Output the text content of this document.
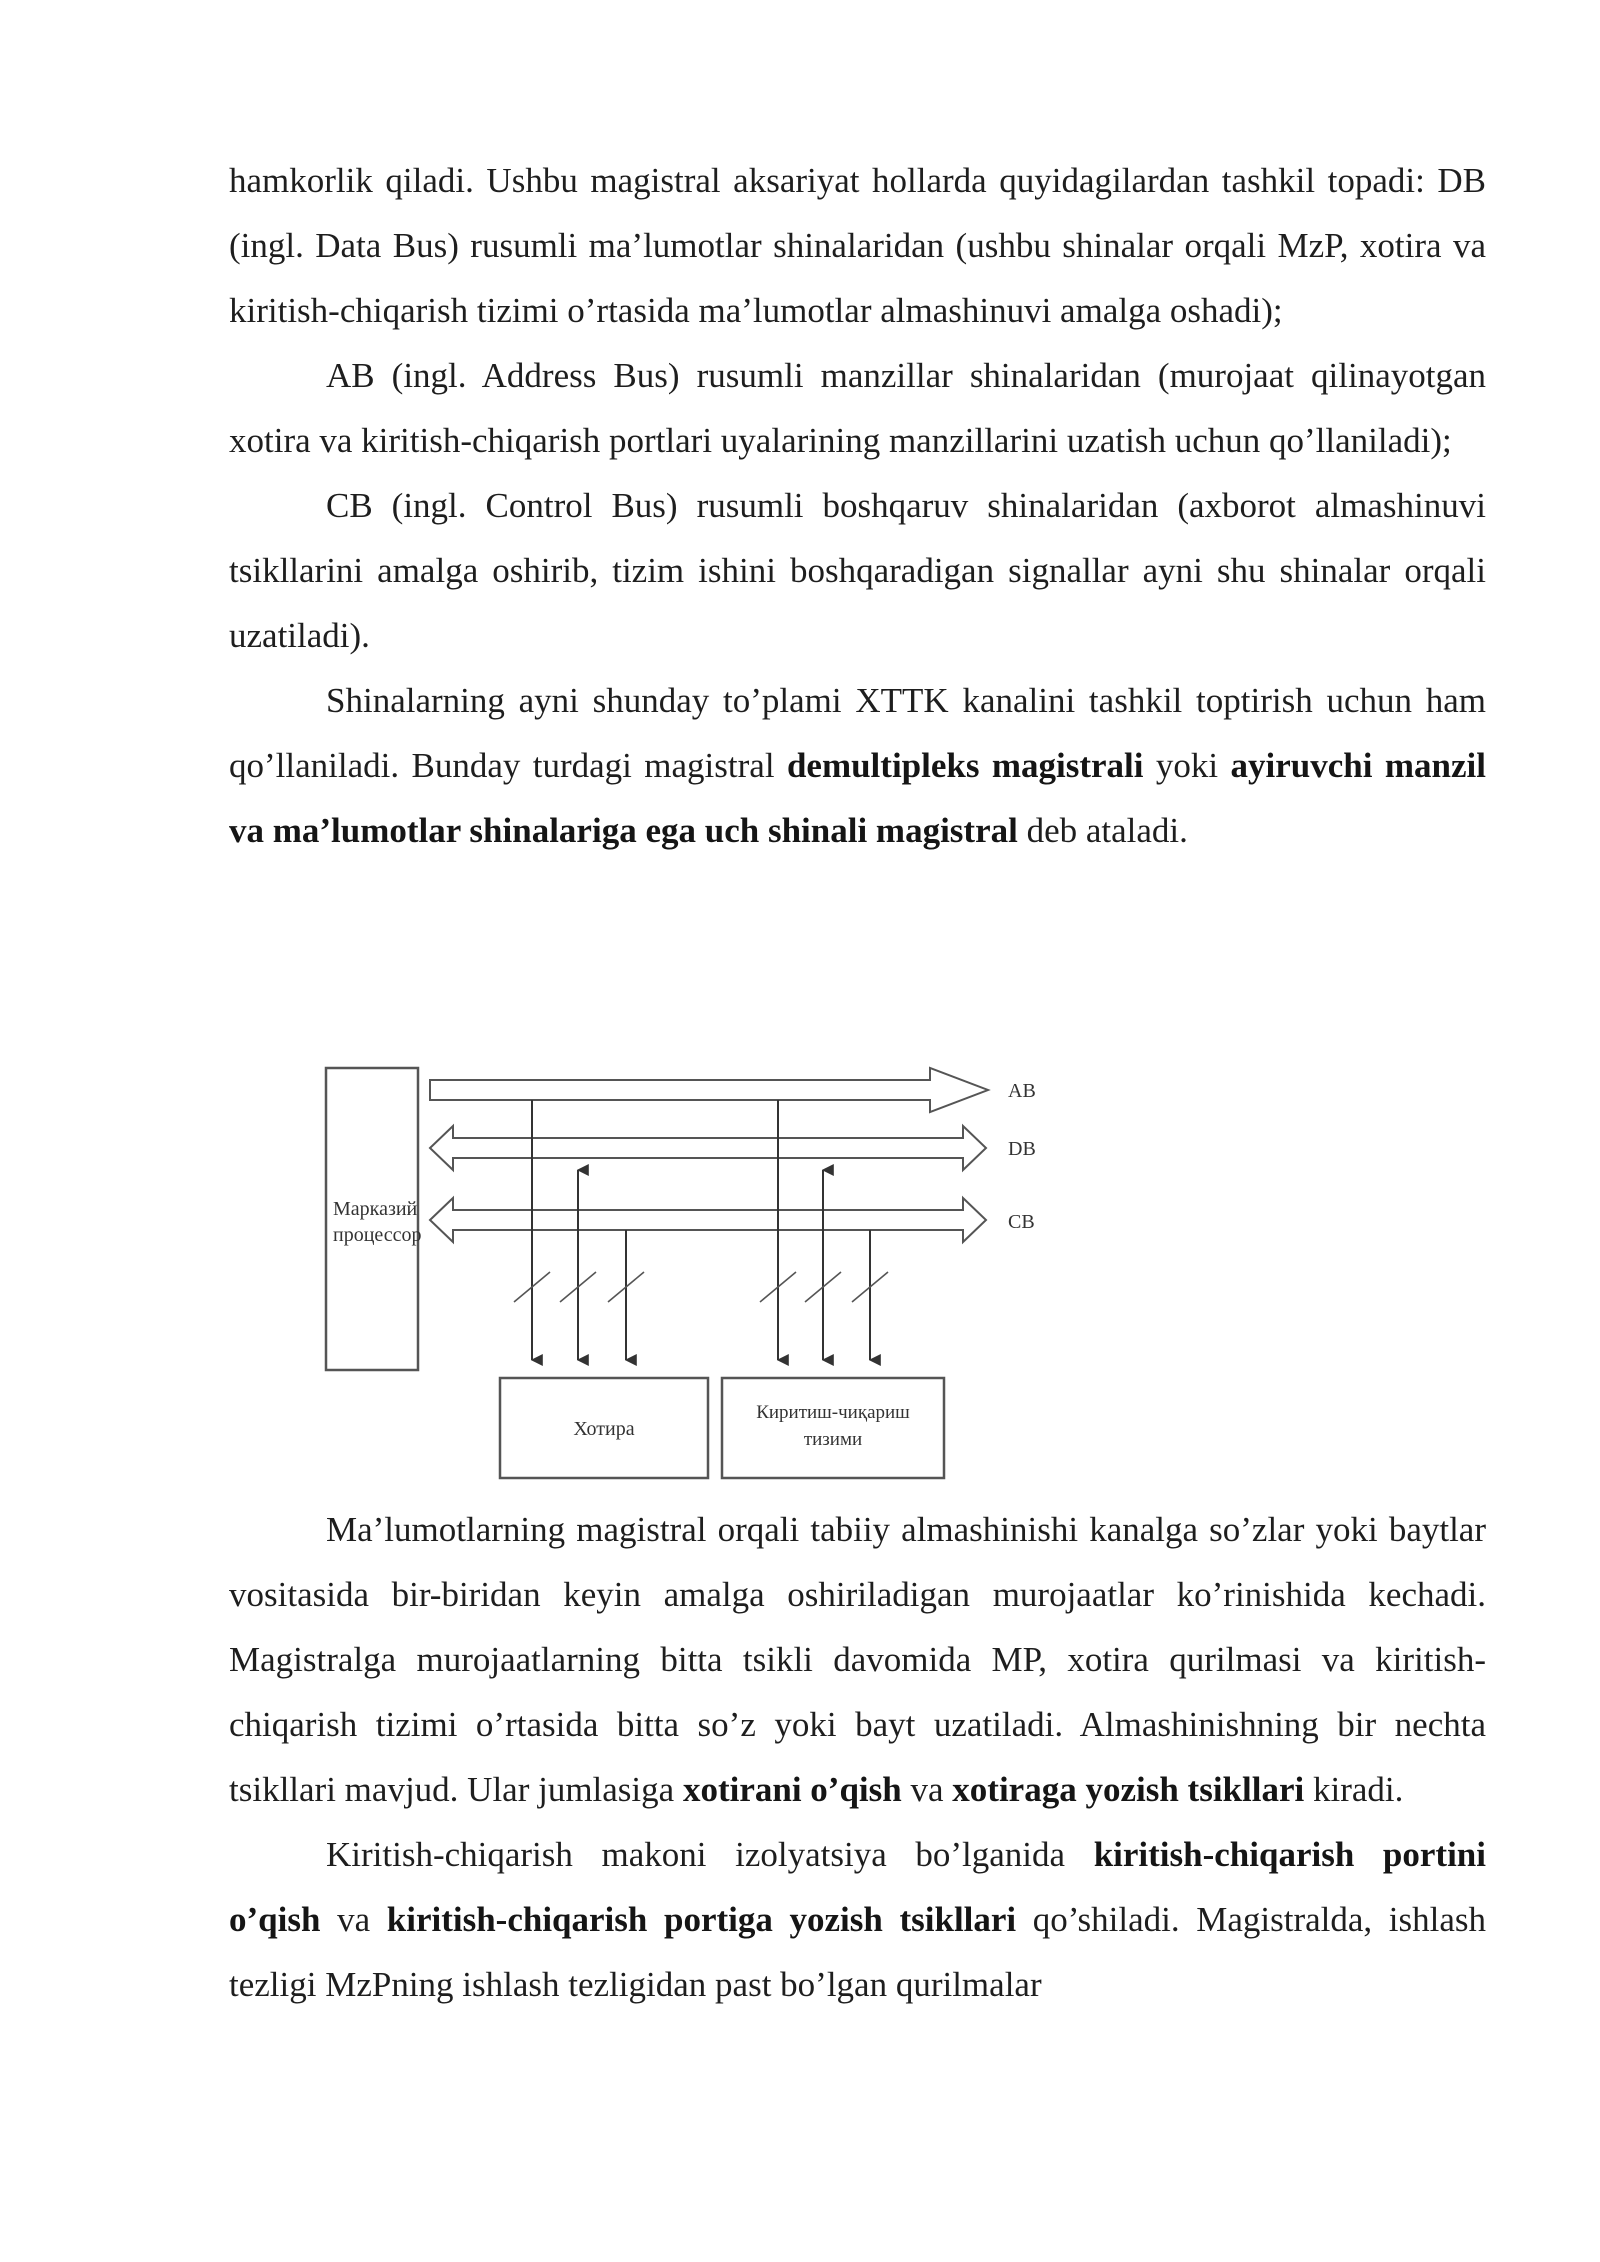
hamkorlik qiladi. Ushbu magistral aksariyat hollarda quyidagilardan tashkil topadi: DB (ingl. Data Bus) rusumli ma’lumotlar shinalaridan (ushbu shinalar orqali MzP, xotira va kiritish-chiqarish tizimi o’rtasida ma’lumotlar almashinuvi amalga oshadi);

AB (ingl. Address Bus) rusumli manzillar shinalaridan (murojaat qilinayotgan xotira va kiritish-chiqarish portlari uyalarining manzillarini uzatish uchun qo’llaniladi);

CB (ingl. Control Bus) rusumli boshqaruv shinalaridan (axborot almashinuvi tsikllarini amalga oshirib, tizim ishini boshqaradigan signallar ayni shu shinalar orqali uzatiladi).

Shinalarning ayni shunday to’plami XTTK kanalini tashkil toptirish uchun ham qo’llaniladi. Bunday turdagi magistral demultipleks magistrali yoki ayiruvchi manzil va ma’lumotlar shinalariga ega uch shinali magistral deb ataladi.

Марказий
процессор
AB
DB
CB
Хотира
Киритиш-чиқариш
тизими

Ma’lumotlarning magistral orqali tabiiy almashinishi kanalga so’zlar yoki baytlar vositasida bir-biridan keyin amalga oshiriladigan murojaatlar ko’rinishida kechadi. Magistralga murojaatlarning bitta tsikli davomida MP, xotira qurilmasi va kiritish-chiqarish tizimi o’rtasida bitta so’z yoki bayt uzatiladi. Almashinishning bir nechta tsikllari mavjud. Ular jumlasiga xotirani o’qish va xotiraga yozish tsikllari kiradi.

Kiritish-chiqarish makoni izolyatsiya bo’lganida kiritish-chiqarish portini o’qish va kiritish-chiqarish portiga yozish tsikllari qo’shiladi. Magistralda, ishlash tezligi MzPning ishlash tezligidan past bo’lgan qurilmalar
